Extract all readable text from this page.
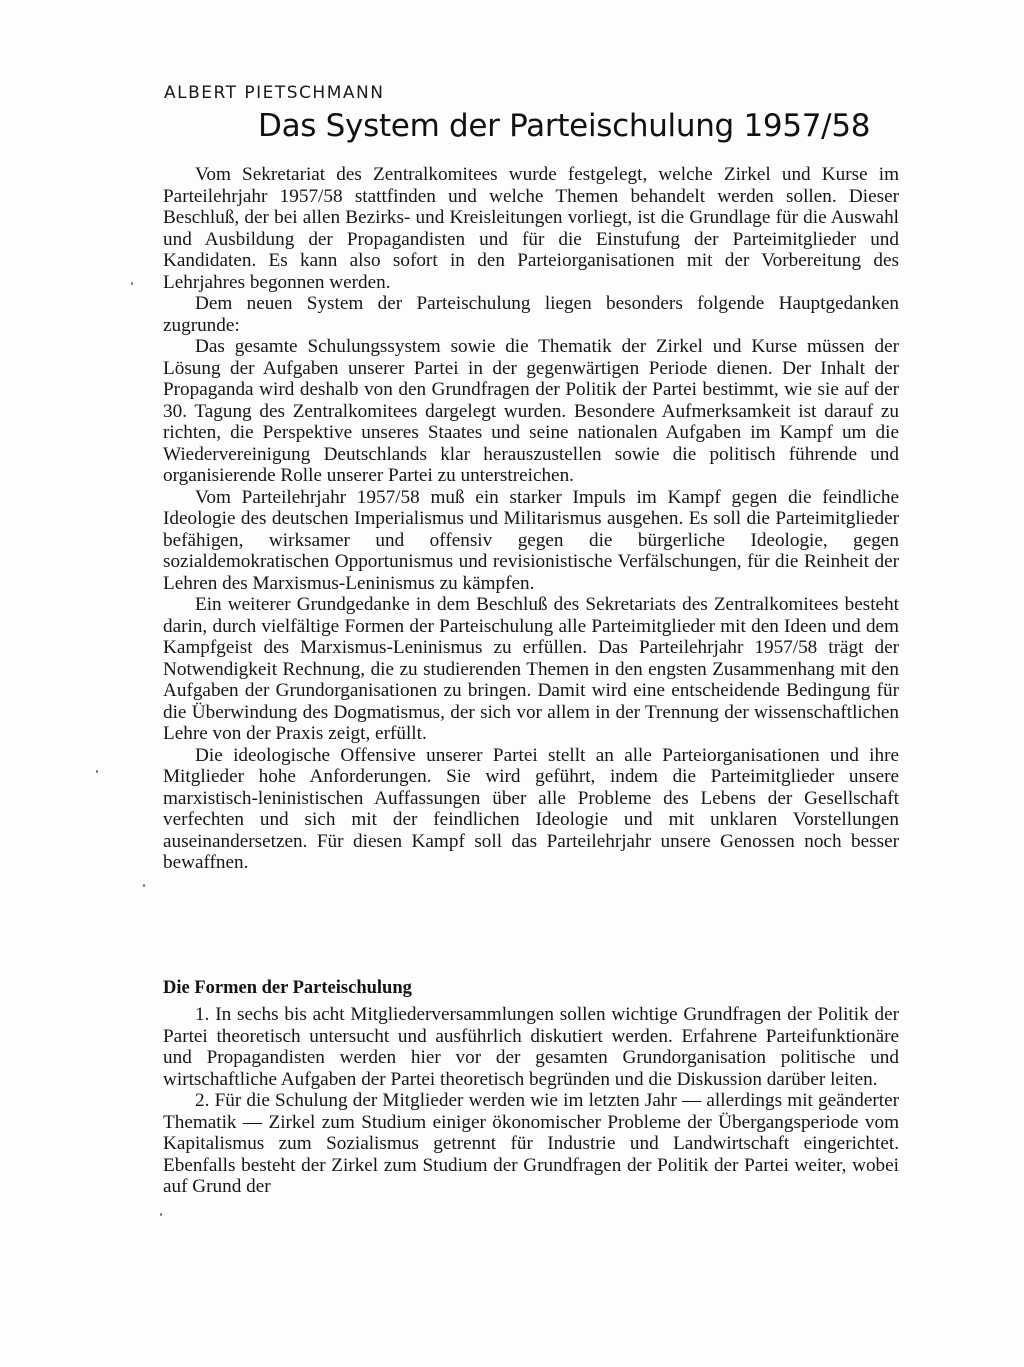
ALBERT PIETSCHMANN
Das System der Parteischulung 1957/58

Vom Sekretariat des Zentralkomitees wurde festgelegt, welche Zirkel und Kurse im Parteilehrjahr 1957/58 stattfinden und welche Themen behandelt werden sollen. Dieser Beschluß, der bei allen Bezirks- und Kreisleitungen vorliegt, ist die Grundlage für die Auswahl und Ausbildung der Propagandisten und für die Einstufung der Parteimitglieder und Kandidaten. Es kann also sofort in den Parteiorganisationen mit der Vorbereitung des Lehrjahres begonnen werden.

Dem neuen System der Parteischulung liegen besonders folgende Hauptgedanken zugrunde:

Das gesamte Schulungssystem sowie die Thematik der Zirkel und Kurse müssen der Lösung der Aufgaben unserer Partei in der gegenwärtigen Periode dienen. Der Inhalt der Propaganda wird deshalb von den Grundfragen der Politik der Partei bestimmt, wie sie auf der 30. Tagung des Zentralkomitees dargelegt wurden. Besondere Aufmerksamkeit ist darauf zu richten, die Perspektive unseres Staates und seine nationalen Aufgaben im Kampf um die Wiedervereinigung Deutschlands klar herauszustellen sowie die politisch führende und organisierende Rolle unserer Partei zu unterstreichen.

Vom Parteilehrjahr 1957/58 muß ein starker Impuls im Kampf gegen die feindliche Ideologie des deutschen Imperialismus und Militarismus ausgehen. Es soll die Parteimitglieder befähigen, wirksamer und offensiv gegen die bürgerliche Ideologie, gegen sozialdemokratischen Opportunismus und revisionistische Verfälschungen, für die Reinheit der Lehren des Marxismus-Leninismus zu kämpfen.

Ein weiterer Grundgedanke in dem Beschluß des Sekretariats des Zentralkomitees besteht darin, durch vielfältige Formen der Parteischulung alle Parteimitglieder mit den Ideen und dem Kampfgeist des Marxismus-Leninismus zu erfüllen. Das Parteilehrjahr 1957/58 trägt der Notwendigkeit Rechnung, die zu studierenden Themen in den engsten Zusammenhang mit den Aufgaben der Grundorganisationen zu bringen. Damit wird eine entscheidende Bedingung für die Überwindung des Dogmatismus, der sich vor allem in der Trennung der wissenschaftlichen Lehre von der Praxis zeigt, erfüllt.

Die ideologische Offensive unserer Partei stellt an alle Parteiorganisationen und ihre Mitglieder hohe Anforderungen. Sie wird geführt, indem die Parteimitglieder unsere marxistisch-leninistischen Auffassungen über alle Probleme des Lebens der Gesellschaft verfechten und sich mit der feindlichen Ideologie und mit unklaren Vorstellungen auseinandersetzen. Für diesen Kampf soll das Parteilehrjahr unsere Genossen noch besser bewaffnen.

Die Formen der Parteischulung

1. In sechs bis acht Mitgliederversammlungen sollen wichtige Grundfragen der Politik der Partei theoretisch untersucht und ausführlich diskutiert werden. Erfahrene Parteifunktionäre und Propagandisten werden hier vor der gesamten Grundorganisation politische und wirtschaftliche Aufgaben der Partei theoretisch begründen und die Diskussion darüber leiten.

2. Für die Schulung der Mitglieder werden wie im letzten Jahr — allerdings mit geänderter Thematik — Zirkel zum Studium einiger ökonomischer Probleme der Übergangsperiode vom Kapitalismus zum Sozialismus getrennt für Industrie und Landwirtschaft eingerichtet. Ebenfalls besteht der Zirkel zum Studium der Grundfragen der Politik der Partei weiter, wobei auf Grund der
